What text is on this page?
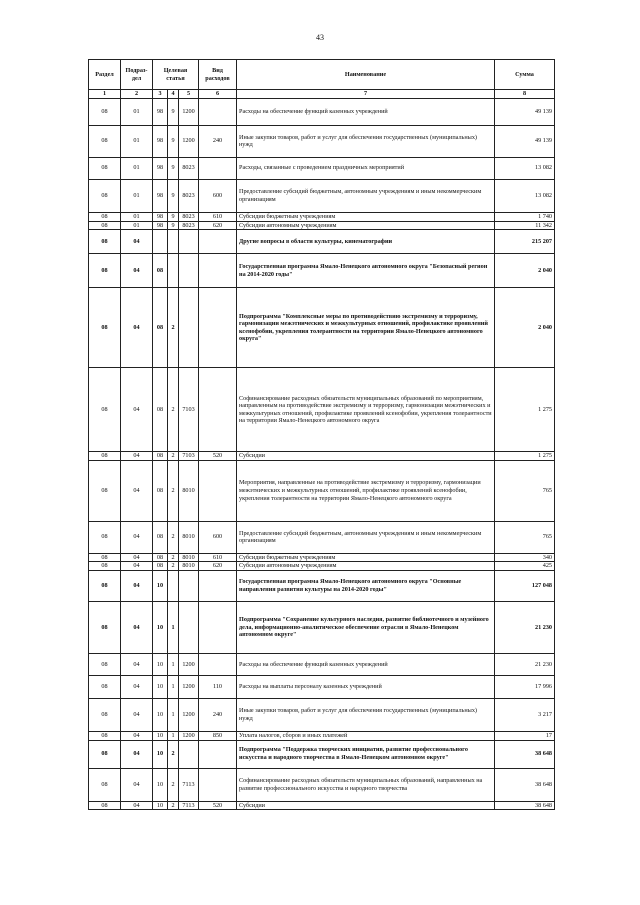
43
Раздел	Подраз-дел	Целевая статья			Вид расходов	Наименование	Сумма
1	2	3	4	5	6	7	8
08	01	98	9	1200		Расходы на обеспечение функций казенных учреждений	49 139
08	01	98	9	1200	240	Иные закупки товаров, работ и услуг для обеспечения государственных (муниципальных) нужд	49 139
08	01	98	9	8023		Расходы, связанные с проведением праздничных мероприятий	13 082
08	01	98	9	8023	600	Предоставление субсидий бюджетным, автономным учреждениям и иным некоммерческим организациям	13 082
08	01	98	9	8023	610	Субсидии бюджетным учреждениям	1 740
08	01	98	9	8023	620	Субсидии автономным учреждениям	11 342
08	04					Другие вопросы в области культуры, кинематографии	215 207
08	04	08				Государственная программа Ямало-Ненецкого автономного округа "Безопасный регион на 2014-2020 годы"	2 040
08	04	08	2			Подпрограмма "Комплексные меры по противодействию экстремизму и терроризму, гармонизации межэтнических и межкультурных отношений, профилактике проявлений ксенофобии, укрепления толерантности на территории Ямало-Ненецкого автономного округа"	2 040
08	04	08	2	7103		Софинансирование расходных обязательств муниципальных образований по мероприятиям, направленным на противодействие экстремизму и терроризму, гармонизации межэтнических и межкультурных отношений, профилактике проявлений ксенофобии, укрепления толерантности на территории Ямало-Ненецкого автономного округа	1 275
08	04	08	2	7103	520	Субсидии	1 275
08	04	08	2	8010		Мероприятия, направленные на противодействие экстремизму и терроризму, гармонизации межэтнических и межкультурных отношений, профилактике проявлений ксенофобии, укрепления толерантности на территории Ямало-Ненецкого автономного округа	765
08	04	08	2	8010	600	Предоставление субсидий бюджетным, автономным учреждениям и иным некоммерческим организациям	765
08	04	08	2	8010	610	Субсидии бюджетным учреждениям	340
08	04	08	2	8010	620	Субсидии автономным учреждениям	425
08	04	10				Государственная программа Ямало-Ненецкого автономного округа "Основные направления развития культуры на 2014-2020 годы"	127 048
08	04	10	1			Подпрограмма "Сохранение культурного наследия, развитие библиотечного и музейного дела, информационно-аналитическое обеспечение отрасли в Ямало-Ненецком автономном округе"	21 230
08	04	10	1	1200		Расходы на обеспечение функций казенных учреждений	21 230
08	04	10	1	1200	110	Расходы на выплаты персоналу казенных учреждений	17 996
08	04	10	1	1200	240	Иные закупки товаров, работ и услуг для обеспечения государственных (муниципальных) нужд	3 217
08	04	10	1	1200	850	Уплата налогов, сборов и иных платежей	17
08	04	10	2			Подпрограмма "Поддержка творческих инициатив, развитие профессионального искусства и народного творчества в Ямало-Ненецком автономном округе"	38 648
08	04	10	2	7113		Софинансирование расходных обязательств муниципальных образований, направленных на развитие профессионального искусства и народного творчества	38 648
08	04	10	2	7113	520	Субсидии	38 648
